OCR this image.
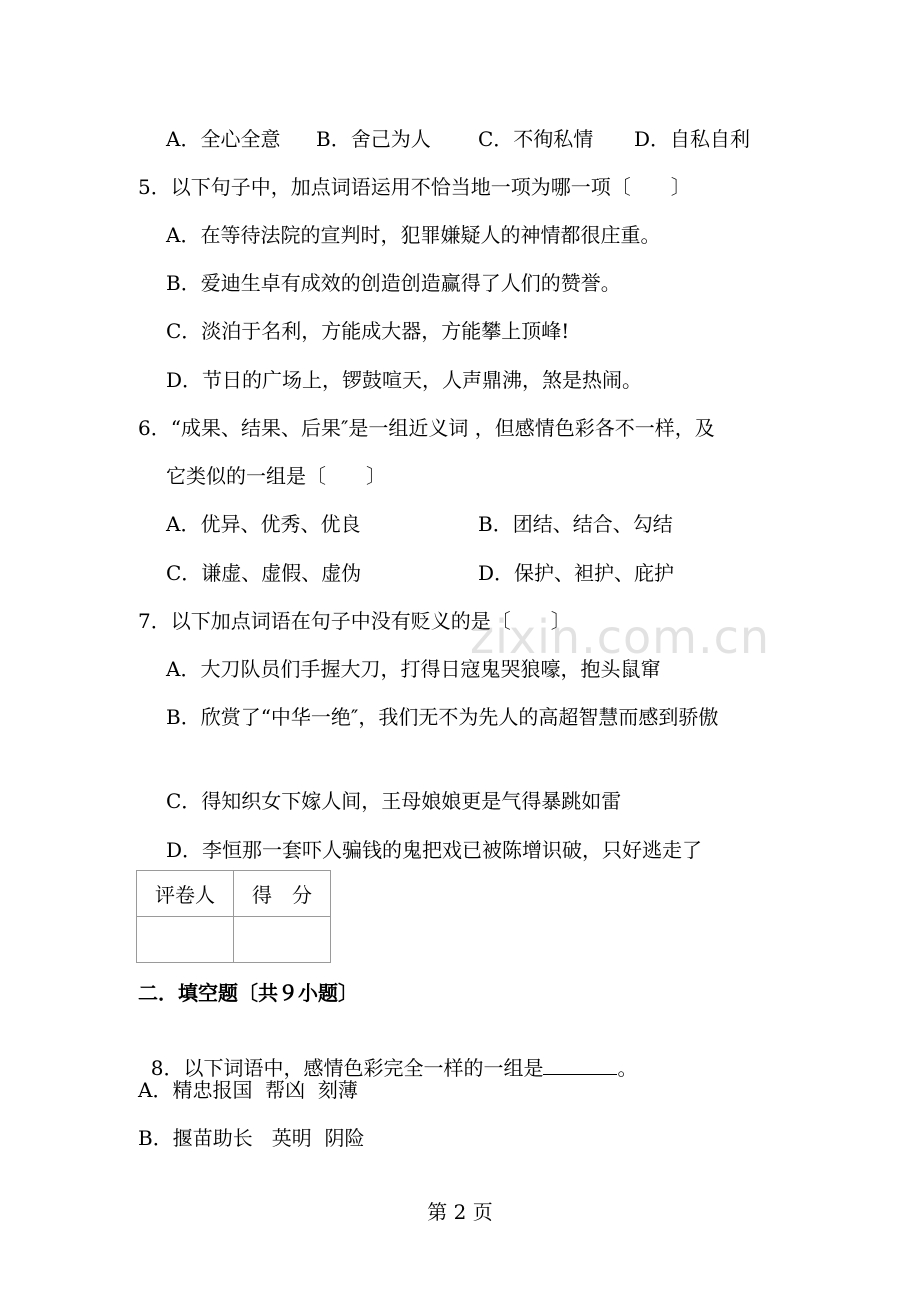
zixin.com.cn
A．全心全意 B．舍己为人 C．不徇私情 D．自私自利
5．以下句子中，加点词语运用不恰当地一项为哪一项〔　　〕
A．在等待法院的宣判时，犯罪嫌疑人的神情都很庄重。
B．爱迪生卓有成效的创造创造赢得了人们的赞誉。
C．淡泊于名利，方能成大器，方能攀上顶峰!
D．节日的广场上，锣鼓喧天，人声鼎沸，煞是热闹。
6．“成果、结果、后果″是一组近义词 ，但感情色彩各不一样，及
它类似的一组是〔　　〕
A．优异、优秀、优良	B．团结、结合、勾结
C．谦虚、虚假、虚伪	D．保护、袒护、庇护
7．以下加点词语在句子中没有贬义的是〔　　〕
A．大刀队员们手握大刀，打得日寇鬼哭狼嚎，抱头鼠窜
B．欣赏了“中华一绝″，我们无不为先人的高超智慧而感到骄傲
C．得知织女下嫁人间，王母娘娘更是气得暴跳如雷
D．李恒那一套吓人骗钱的鬼把戏已被陈增识破，只好逃走了
评卷人	得　分

二．填空题〔共９小题〕

8．以下词语中，感情色彩完全一样的一组是	。

A．精忠报国  帮凶  刻薄
B．揠苗助长   英明  阴险
第 2 页
